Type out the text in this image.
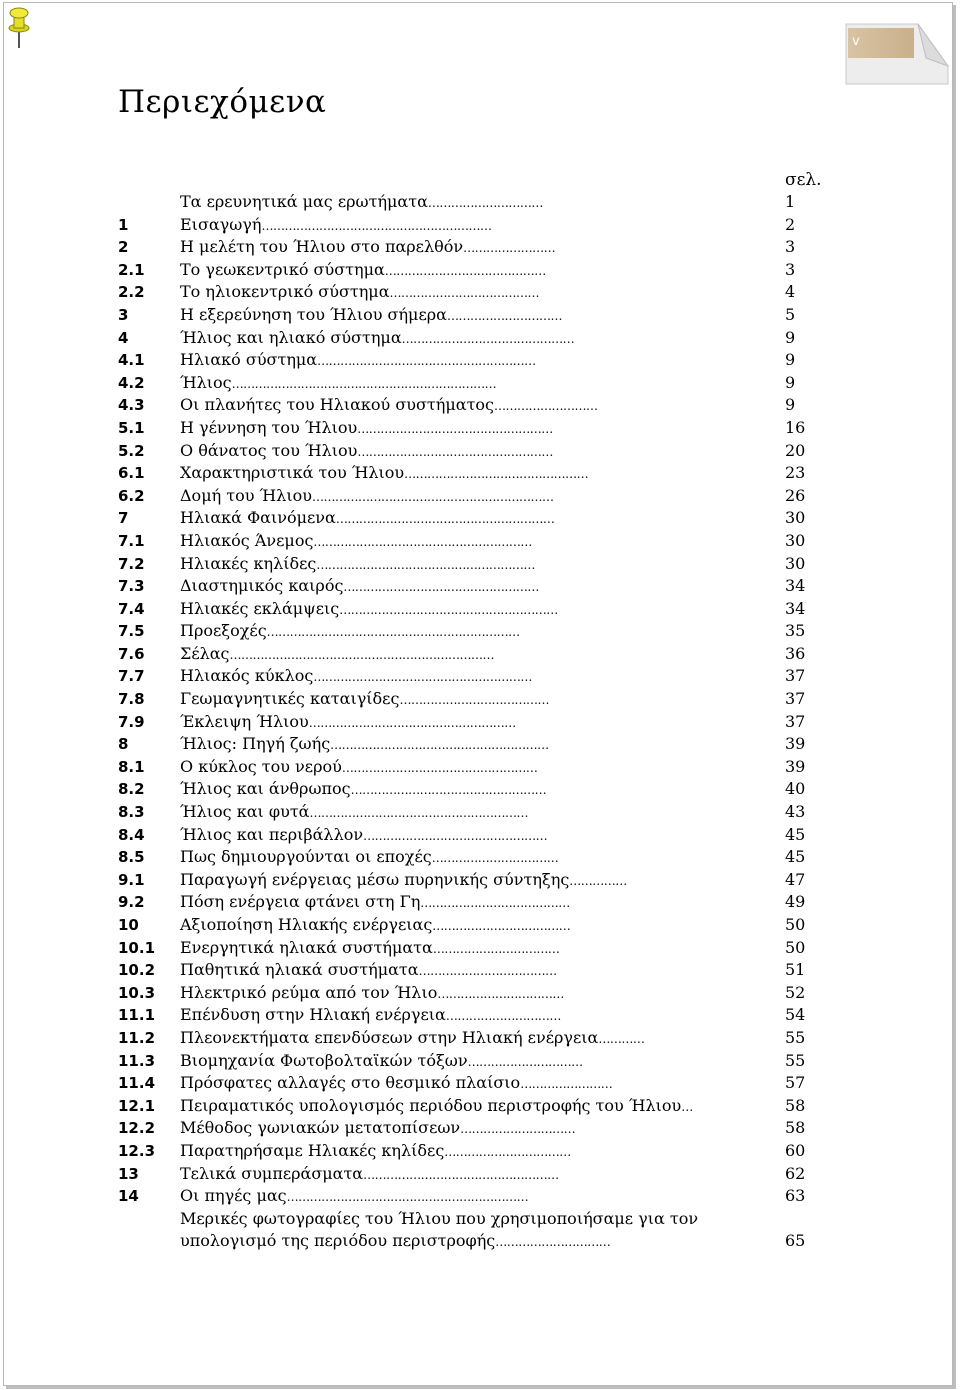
v
Περιεχόμενα
σελ.
Τα ερευνητικά μας ερωτήματα…………………………	1
1	Εισαγωγή……………………………………………………	2
2	Η μελέτη του Ήλιου στο παρελθόν……………………	3
2.1	Το γεωκεντρικό σύστημα……………………………………	3
2.2	Το ηλιοκεντρικό σύστημα…………………………………	4
3	Η εξερεύνηση του Ήλιου σήμερα…………………………	5
4	Ήλιος και ηλιακό σύστημα………………………………………	9
4.1	Ηλιακό σύστημα…………………………………………………	9
4.2	Ήλιος……………………………………………………………	9
4.3	Οι πλανήτες του Ηλιακού συστήματος………………………	9
5.1	Η γέννηση του Ήλιου……………………………………………	16
5.2	Ο θάνατος του Ήλιου……………………………………………	20
6.1	Χαρακτηριστικά του Ήλιου…………………………………………	23
6.2	Δομή του Ήλιου………………………………………………………	26
7	Ηλιακά Φαινόμενα…………………………………………………	30
7.1	Ηλιακός Άνεμος…………………………………………………	30
7.2	Ηλιακές κηλίδες…………………………………………………	30
7.3	Διαστημικός καιρός……………………………………………	34
7.4	Ηλιακές εκλάμψεις…………………………………………………	34
7.5	Προεξοχές…………………………………………………………	35
7.6	Σέλας……………………………………………………………	36
7.7	Ηλιακός κύκλος…………………………………………………	37
7.8	Γεωμαγνητικές καταιγίδες…………………………………	37
7.9	Έκλειψη Ήλιου………………………………………………	37
8	Ήλιος: Πηγή ζωής…………………………………………………	39
8.1	Ο κύκλος του νερού……………………………………………	39
8.2	Ήλιος και άνθρωπος……………………………………………	40
8.3	Ήλιος και φυτά…………………………………………………	43
8.4	Ήλιος και περιβάλλον…………………………………………	45
8.5	Πως δημιουργούνται οι εποχές……………………………	45
9.1	Παραγωγή ενέργειας μέσω πυρηνικής σύντηξης……………	47
9.2	Πόση ενέργεια φτάνει στη Γη…………………………………	49
10	Αξιοποίηση Ηλιακής ενέργειας………………………………	50
10.1	Ενεργητικά ηλιακά συστήματα……………………………	50
10.2	Παθητικά ηλιακά συστήματα………………………………	51
10.3	Ηλεκτρικό ρεύμα από τον Ήλιο……………………………	52
11.1	Επένδυση στην Ηλιακή ενέργεια…………………………	54
11.2	Πλεονεκτήματα επενδύσεων στην Ηλιακή ενέργεια…………	55
11.3	Βιομηχανία Φωτοβολταϊκών τόξων…………………………	55
11.4	Πρόσφατες αλλαγές στο θεσμικό πλαίσιο……………………	57
12.1	Πειραματικός υπολογισμός περιόδου περιστροφής του Ήλιου…	58
12.2	Μέθοδος γωνιακών μετατοπίσεων…………………………	58
12.3	Παρατηρήσαμε Ηλιακές κηλίδες……………………………	60
13	Τελικά συμπεράσματα……………………………………………	62
14	Οι πηγές μας………………………………………………………	63
Μερικές φωτογραφίες του Ήλιου που χρησιμοποιήσαμε για τον υπολογισμό της περιόδου περιστροφής…………………………	65
